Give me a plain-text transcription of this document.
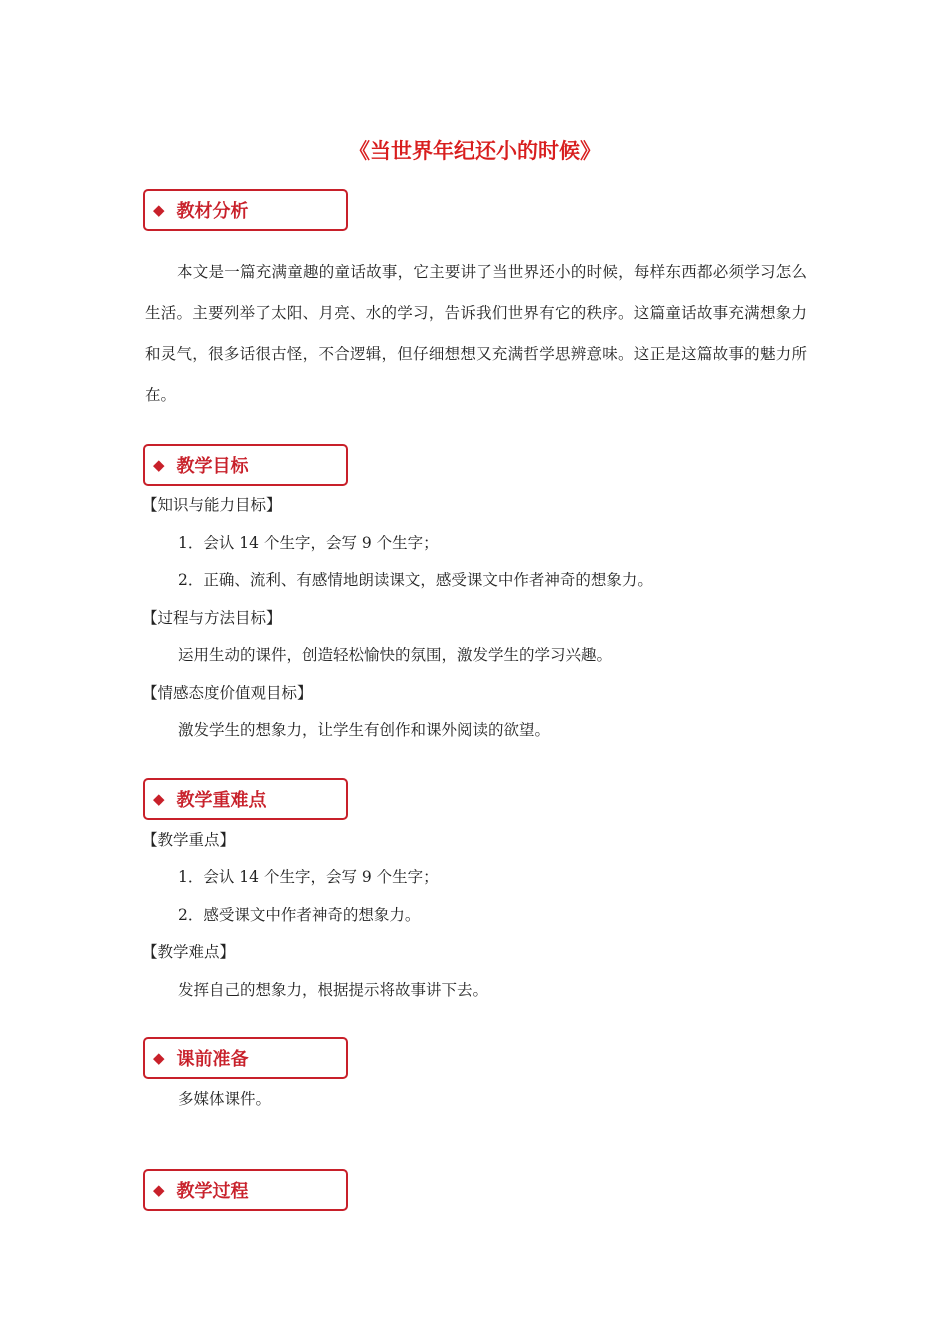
《当世界年纪还小的时候》
◆ 教材分析
本文是一篇充满童趣的童话故事，它主要讲了当世界还小的时候，每样东西都必须学习怎么生活。主要列举了太阳、月亮、水的学习，告诉我们世界有它的秩序。这篇童话故事充满想象力和灵气，很多话很古怪，不合逻辑，但仔细想想又充满哲学思辨意味。这正是这篇故事的魅力所在。
◆ 教学目标
【知识与能力目标】
1．会认 14 个生字，会写 9 个生字；
2．正确、流利、有感情地朗读课文，感受课文中作者神奇的想象力。
【过程与方法目标】
运用生动的课件，创造轻松愉快的氛围，激发学生的学习兴趣。
【情感态度价值观目标】
激发学生的想象力，让学生有创作和课外阅读的欲望。
◆ 教学重难点
【教学重点】
1．会认 14 个生字，会写 9 个生字；
2．感受课文中作者神奇的想象力。
【教学难点】
发挥自己的想象力，根据提示将故事讲下去。
◆ 课前准备
多媒体课件。
◆ 教学过程
